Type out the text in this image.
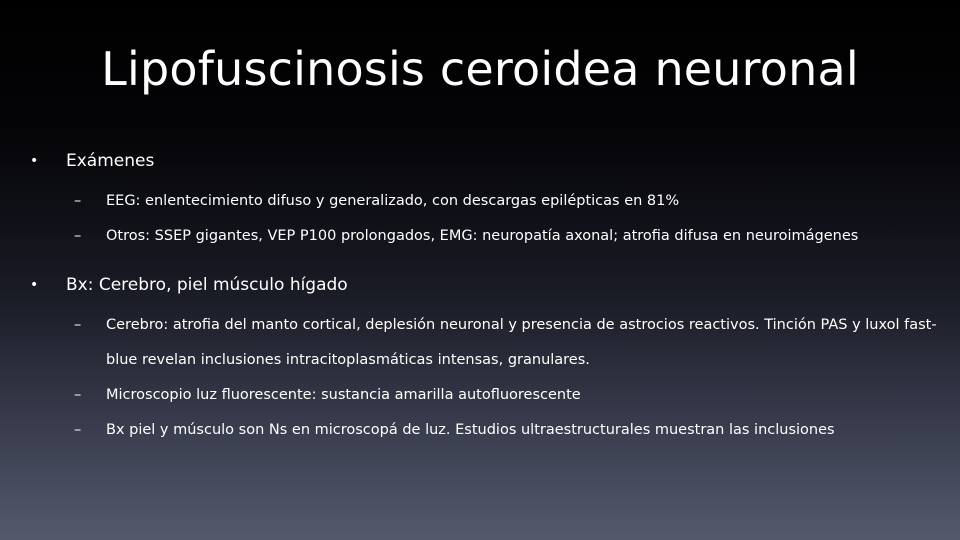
Lipofuscinosis ceroidea neuronal
• Exámenes
– EEG: enlentecimiento difuso y generalizado, con descargas epilépticas en 81%
– Otros: SSEP gigantes, VEP P100 prolongados, EMG: neuropatía axonal; atrofia difusa en neuroimágenes
• Bx: Cerebro, piel músculo hígado
– Cerebro: atrofia del manto cortical, deplesión neuronal y presencia de astrocios reactivos. Tinción PAS y luxol fast-blue revelan inclusiones intracitoplasmáticas intensas, granulares.
– Microscopio luz fluorescente: sustancia amarilla autofluorescente
– Bx piel y músculo son Ns en microscopá de luz. Estudios ultraestructurales muestran las inclusiones
